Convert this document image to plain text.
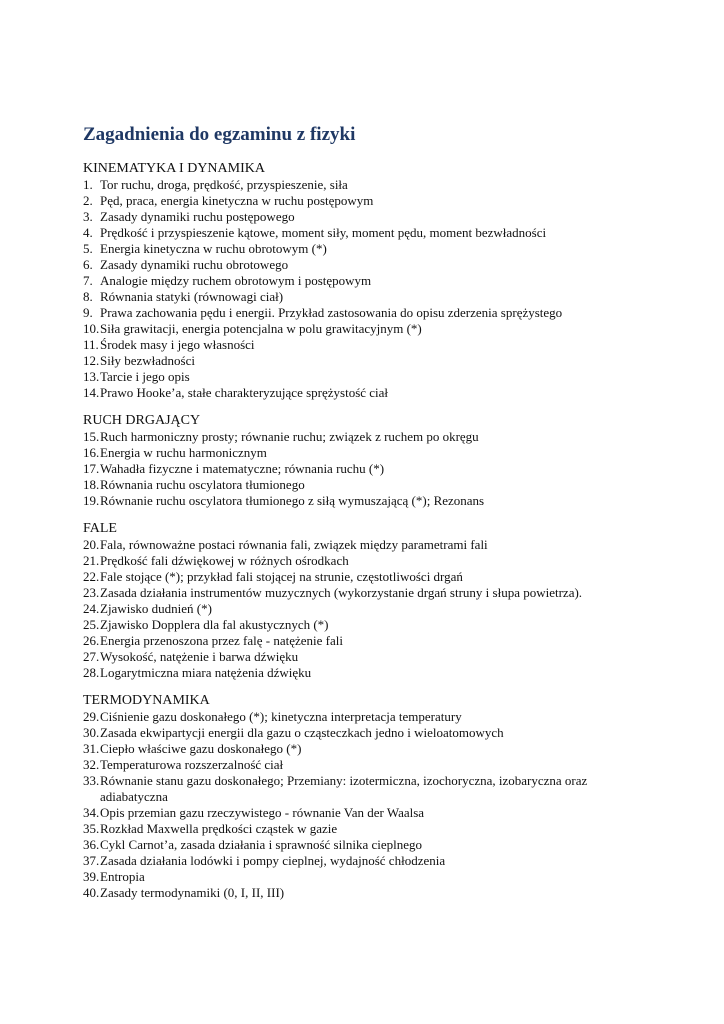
Zagadnienia do egzaminu z fizyki
KINEMATYKA I DYNAMIKA
1. Tor ruchu, droga, prędkość, przyspieszenie, siła
2. Pęd, praca, energia kinetyczna w ruchu postępowym
3. Zasady dynamiki ruchu postępowego
4. Prędkość i przyspieszenie kątowe, moment siły, moment pędu, moment bezwładności
5. Energia kinetyczna w ruchu obrotowym (*)
6. Zasady dynamiki ruchu obrotowego
7. Analogie między ruchem obrotowym i postępowym
8. Równania statyki (równowagi ciał)
9. Prawa zachowania pędu i energii. Przykład zastosowania do opisu zderzenia sprężystego
10. Siła grawitacji, energia potencjalna w polu grawitacyjnym (*)
11. Środek masy i jego własności
12. Siły bezwładności
13. Tarcie i jego opis
14. Prawo Hooke’a, stałe charakteryzujące sprężystość ciał
RUCH DRGAJĄCY
15. Ruch harmoniczny prosty; równanie ruchu; związek z ruchem po okręgu
16. Energia w ruchu harmonicznym
17. Wahadła fizyczne i matematyczne; równania ruchu (*)
18. Równania ruchu oscylatora tłumionego
19. Równanie ruchu oscylatora tłumionego z siłą wymuszającą (*); Rezonans
FALE
20. Fala, równoważne postaci równania fali, związek między parametrami fali
21. Prędkość fali dźwiękowej w różnych ośrodkach
22. Fale stojące (*); przykład fali stojącej na strunie, częstotliwości drgań
23. Zasada działania instrumentów muzycznych (wykorzystanie drgań struny i słupa powietrza).
24. Zjawisko dudnień (*)
25. Zjawisko Dopplera dla fal akustycznych (*)
26. Energia przenoszona przez falę - natężenie fali
27. Wysokość, natężenie i barwa dźwięku
28. Logarytmiczna miara natężenia dźwięku
TERMODYNAMIKA
29. Ciśnienie gazu doskonałego (*); kinetyczna interpretacja temperatury
30. Zasada ekwipartycji energii dla gazu o cząsteczkach jedno i wieloatomowych
31. Ciepło właściwe gazu doskonałego (*)
32. Temperaturowa rozszerzalność ciał
33. Równanie stanu gazu doskonałego; Przemiany: izotermiczna, izochoryczna, izobaryczna oraz adiabatyczna
34. Opis przemian gazu rzeczywistego - równanie Van der Waalsa
35. Rozkład Maxwella prędkości cząstek w gazie
36. Cykl Carnot’a, zasada działania i sprawność silnika cieplnego
37. Zasada działania lodówki i pompy cieplnej, wydajność chłodzenia
39. Entropia
40. Zasady termodynamiki (0, I, II, III)
